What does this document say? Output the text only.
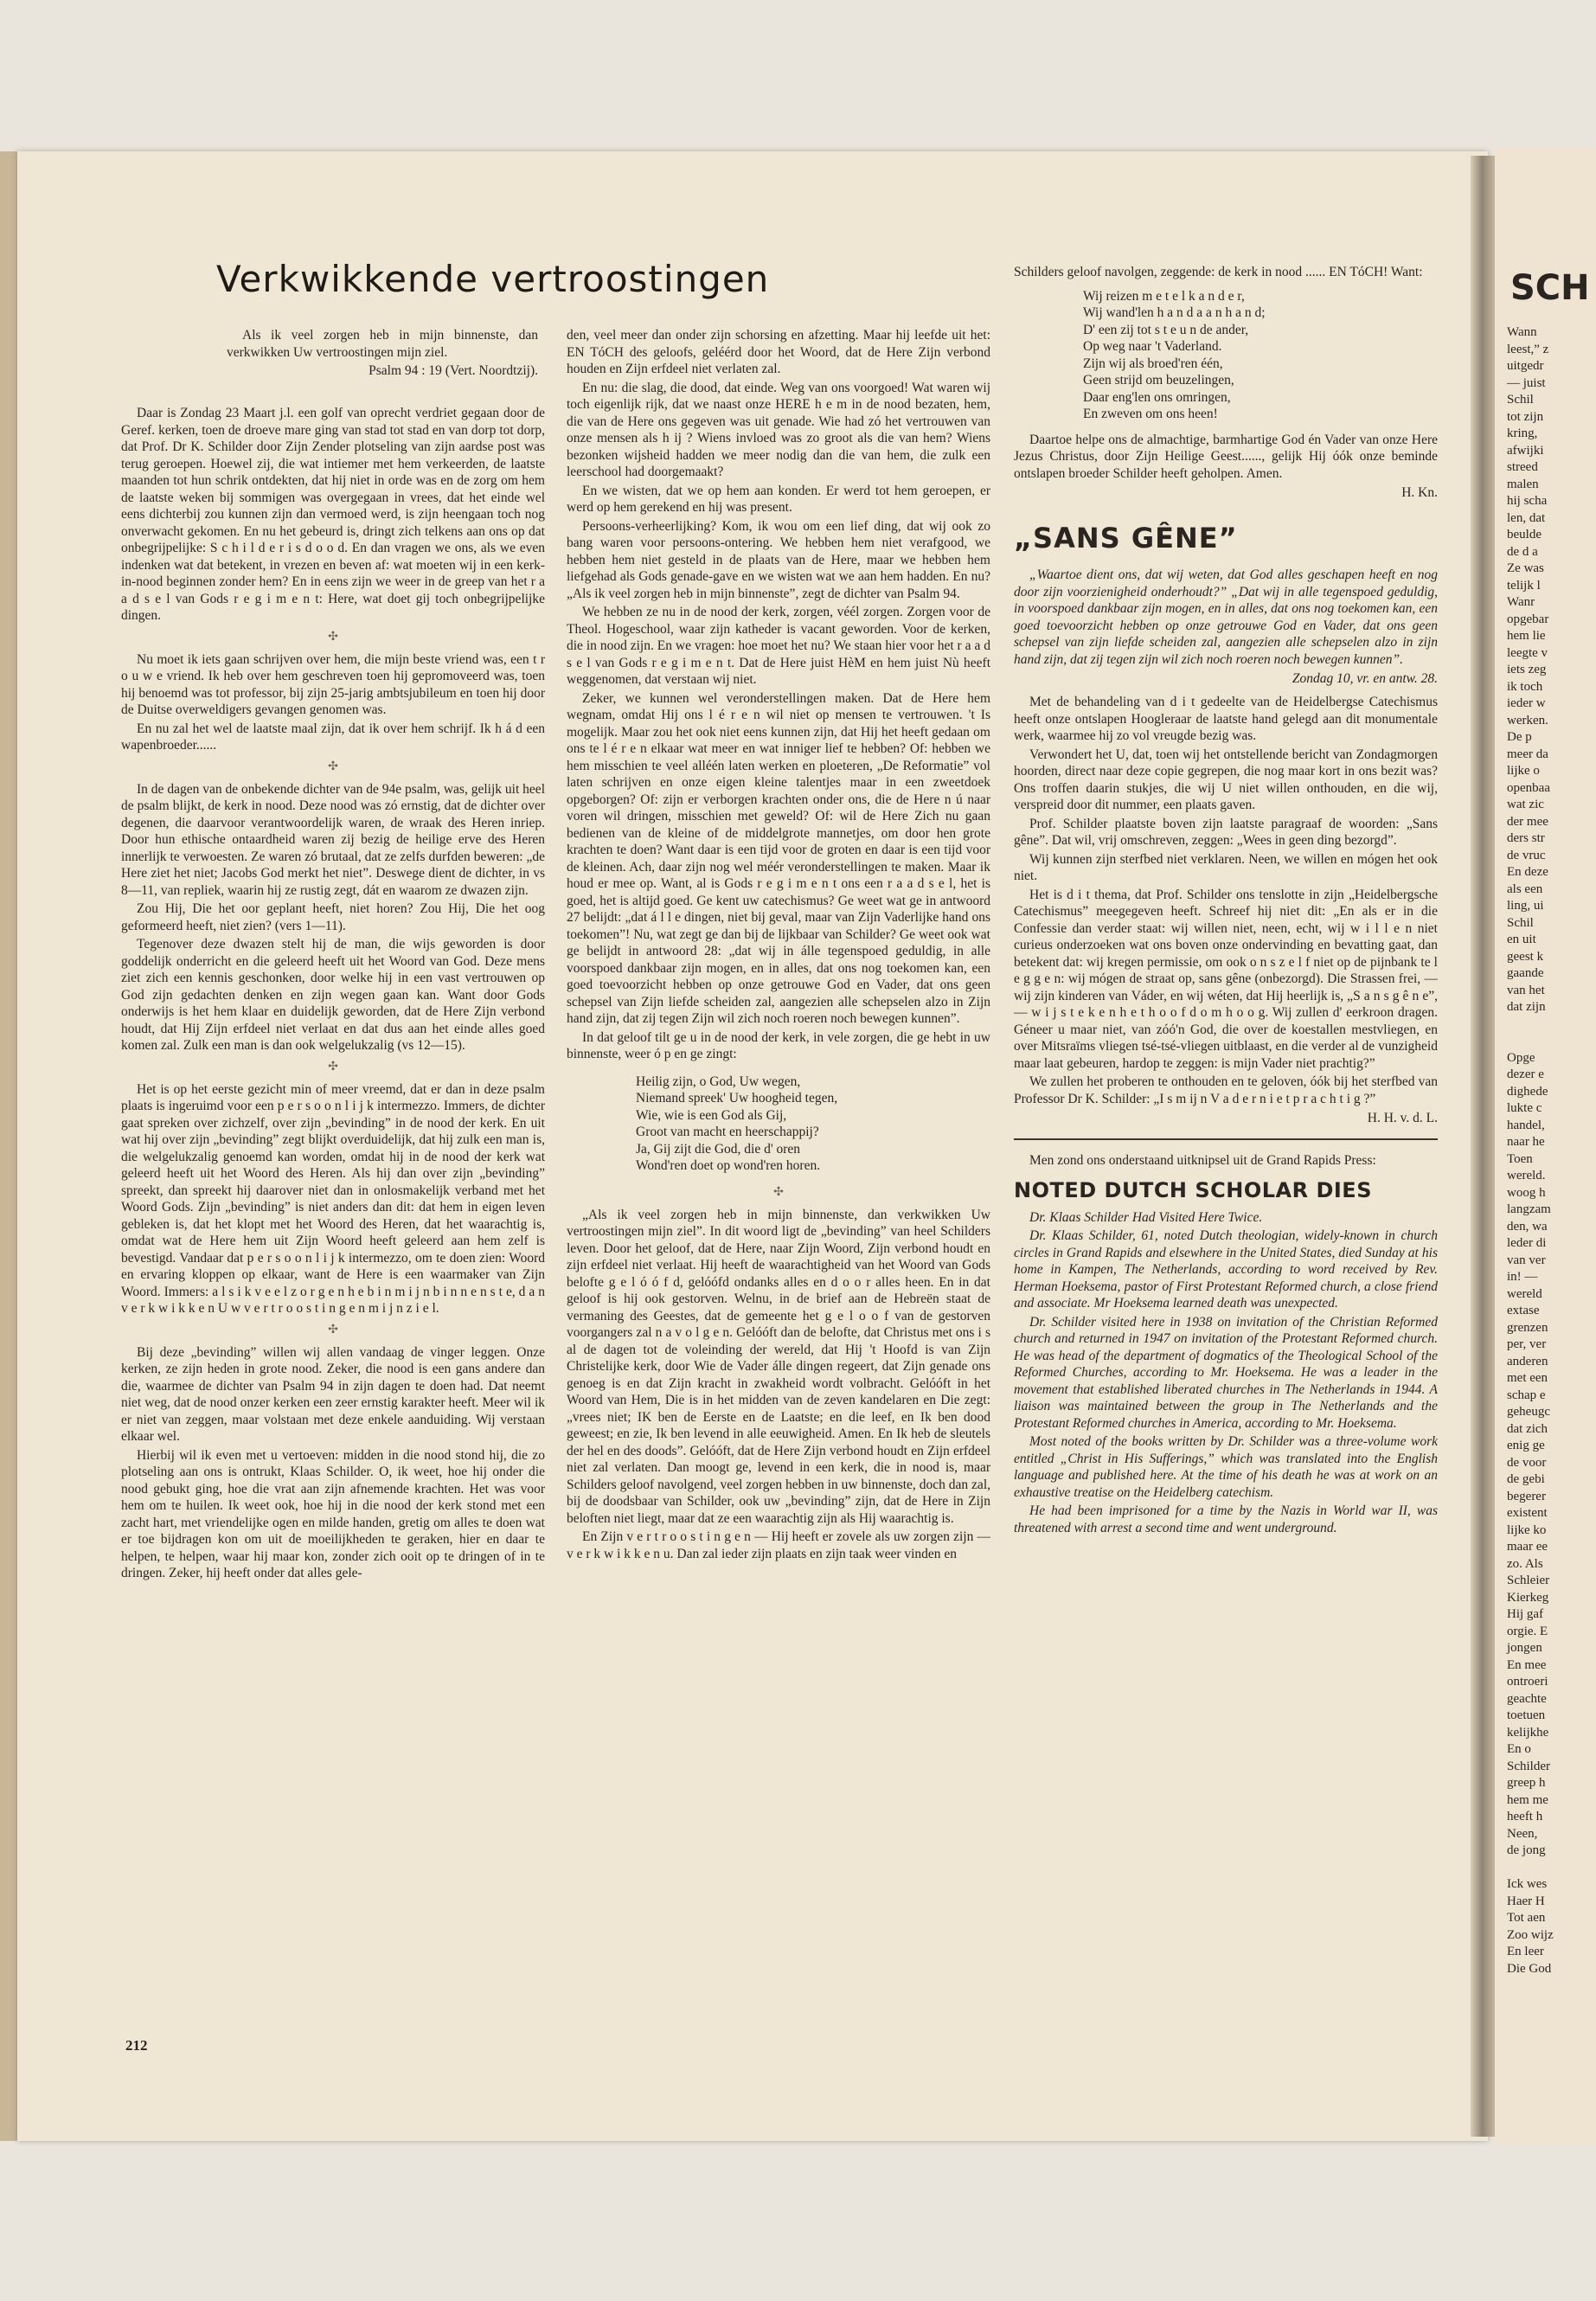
Verkwikkende vertroostingen
Als ik veel zorgen heb in mijn binnenste, dan verkwikken Uw vertroostingen mijn ziel.
Psalm 94 : 19 (Vert. Noordtzij).
Daar is Zondag 23 Maart j.l. een golf van oprecht verdriet gegaan door de Geref. kerken, toen de droeve mare ging van stad tot stad en van dorp tot dorp, dat Prof. Dr K. Schilder door Zijn Zender plotseling van zijn aardse post was terug geroepen. Hoewel zij, die wat intiemer met hem verkeerden, de laatste maanden tot hun schrik ontdekten, dat hij niet in orde was en de zorg om hem de laatste weken bij sommigen was overgegaan in vrees, dat het einde wel eens dichterbij zou kunnen zijn dan vermoed werd, is zijn heengaan toch nog onverwacht gekomen. En nu het gebeurd is, dringt zich telkens aan ons op dat onbegrijpelijke: S c h i l d e r i s d o o d. En dan vragen we ons, als we even indenken wat dat betekent, in vrezen en beven af: wat moeten wij in een kerk-in-nood beginnen zonder hem? En in eens zijn we weer in de greep van het r a a d s e l van Gods r e g i m e n t: Here, wat doet gij toch onbegrijpelijke dingen.
✣
Nu moet ik iets gaan schrijven over hem, die mijn beste vriend was, een t r o u w e vriend. Ik heb over hem geschreven toen hij gepromoveerd was, toen hij benoemd was tot professor, bij zijn 25-jarig ambtsjubileum en toen hij door de Duitse overweldigers gevangen genomen was.
En nu zal het wel de laatste maal zijn, dat ik over hem schrijf. Ik h á d een wapenbroeder......
✣
In de dagen van de onbekende dichter van de 94e psalm, was, gelijk uit heel de psalm blijkt, de kerk in nood. Deze nood was zó ernstig, dat de dichter over degenen, die daarvoor verantwoordelijk waren, de wraak des Heren inriep. Door hun ethische ontaardheid waren zij bezig de heilige erve des Heren innerlijk te verwoesten. Ze waren zó brutaal, dat ze zelfs durfden beweren: „de Here ziet het niet; Jacobs God merkt het niet”. Deswege dient de dichter, in vs 8—11, van repliek, waarin hij ze rustig zegt, dát en waarom ze dwazen zijn.
Zou Hij, Die het oor geplant heeft, niet horen? Zou Hij, Die het oog geformeerd heeft, niet zien? (vers 1—11).
Tegenover deze dwazen stelt hij de man, die wijs geworden is door goddelijk onderricht en die geleerd heeft uit het Woord van God. Deze mens ziet zich een kennis geschonken, door welke hij in een vast vertrouwen op God zijn gedachten denken en zijn wegen gaan kan. Want door Gods onderwijs is het hem klaar en duidelijk geworden, dat de Here Zijn verbond houdt, dat Hij Zijn erfdeel niet verlaat en dat dus aan het einde alles goed komen zal. Zulk een man is dan ook welgelukzalig (vs 12—15).
✣
Het is op het eerste gezicht min of meer vreemd, dat er dan in deze psalm plaats is ingeruimd voor een p e r s o o n l i j k intermezzo. Immers, de dichter gaat spreken over zichzelf, over zijn „bevinding” in de nood der kerk. En uit wat hij over zijn „bevinding” zegt blijkt overduidelijk, dat hij zulk een man is, die welgelukzalig genoemd kan worden, omdat hij in de nood der kerk wat geleerd heeft uit het Woord des Heren. Als hij dan over zijn „bevinding” spreekt, dan spreekt hij daarover niet dan in onlosmakelijk verband met het Woord Gods. Zijn „bevinding” is niet anders dan dit: dat hem in eigen leven gebleken is, dat het klopt met het Woord des Heren, dat het waarachtig is, omdat wat de Here hem uit Zijn Woord heeft geleerd aan hem zelf is bevestigd. Vandaar dat p e r s o o n l i j k intermezzo, om te doen zien: Woord en ervaring kloppen op elkaar, want de Here is een waarmaker van Zijn Woord. Immers: a l s i k v e e l z o r g e n h e b i n m i j n b i n n e n s t e, d a n v e r k w i k k e n U w v e r t r o o s t i n g e n m i j n z i e l.
✣
Bij deze „bevinding” willen wij allen vandaag de vinger leggen. Onze kerken, ze zijn heden in grote nood. Zeker, die nood is een gans andere dan die, waarmee de dichter van Psalm 94 in zijn dagen te doen had. Dat neemt niet weg, dat de nood onzer kerken een zeer ernstig karakter heeft. Meer wil ik er niet van zeggen, maar volstaan met deze enkele aanduiding. Wij verstaan elkaar wel.
Hierbij wil ik even met u vertoeven: midden in die nood stond hij, die zo plotseling aan ons is ontrukt, Klaas Schilder. O, ik weet, hoe hij onder die nood gebukt ging, hoe die vrat aan zijn afnemende krachten. Het was voor hem om te huilen. Ik weet ook, hoe hij in die nood der kerk stond met een zacht hart, met vriendelijke ogen en milde handen, gretig om alles te doen wat er toe bijdragen kon om uit de moeilijkheden te geraken, hier en daar te helpen, te helpen, waar hij maar kon, zonder zich ooit op te dringen of in te dringen. Zeker, hij heeft onder dat alles gele-
den, veel meer dan onder zijn schorsing en afzetting. Maar hij leefde uit het: EN TóCH des geloofs, geléérd door het Woord, dat de Here Zijn verbond houden en Zijn erfdeel niet verlaten zal.
En nu: die slag, die dood, dat einde. Weg van ons voorgoed! Wat waren wij toch eigenlijk rijk, dat we naast onze HERE h e m in de nood bezaten, hem, die van de Here ons gegeven was uit genade. Wie had zó het vertrouwen van onze mensen als h ij ? Wiens invloed was zo groot als die van hem? Wiens bezonken wijsheid hadden we meer nodig dan die van hem, die zulk een leerschool had doorgemaakt?
En we wisten, dat we op hem aan konden. Er werd tot hem geroepen, er werd op hem gerekend en hij was present.
Persoons-verheerlijking? Kom, ik wou om een ​​lief ding, dat wij ook zo bang waren voor persoons-ontering. We hebben hem niet verafgood, we hebben hem niet gesteld in de plaats van de Here, maar we hebben hem liefgehad als Gods genade-gave en we wisten wat we aan hem hadden. En nu? „Als ik veel zorgen heb in mijn binnenste”, zegt de dichter van Psalm 94.
We hebben ze nu in de nood der kerk, zorgen, véél zorgen. Zorgen voor de Theol. Hogeschool, waar zijn katheder is vacant geworden. Voor de kerken, die in nood zijn. En we vragen: hoe moet het nu? We staan hier voor het r a a d s e l van Gods r e g i m e n t. Dat de Here juist HèM en hem juist Nù heeft weggenomen, dat verstaan wij niet.
Zeker, we kunnen wel veronderstellingen maken. Dat de Here hem wegnam, omdat Hij ons l é r e n wil niet op mensen te vertrouwen. 't Is mogelijk. Maar zou het ook niet eens kunnen zijn, dat Hij het heeft gedaan om ons te l é r e n elkaar wat meer en wat inniger lief te hebben? Of: hebben we hem misschien te veel alléén laten werken en ploeteren, „De Reformatie” vol laten schrijven en onze eigen kleine talentjes maar in een zweetdoek opgeborgen? Of: zijn er verborgen krachten onder ons, die de Here n ú naar voren wil dringen, misschien met geweld? Of: wil de Here Zich nu gaan bedienen van de kleine of de middelgrote mannetjes, om door hen grote krachten te doen? Want daar is een tijd voor de groten en daar is een tijd voor de kleinen. Ach, daar zijn nog wel méér veronderstellingen te maken. Maar ik houd er mee op. Want, al is Gods r e g i m e n t ons een r a a d s e l, het is goed, het is altijd goed. Ge kent uw catechismus? Ge weet wat ge in antwoord 27 belijdt: „dat á l l e dingen, niet bij geval, maar van Zijn Vaderlijke hand ons toekomen”! Nu, wat zegt ge dan bij de lijkbaar van Schilder? Ge weet ook wat ge belijdt in antwoord 28: „dat wij in álle tegenspoed geduldig, in alle voorspoed dankbaar zijn mogen, en in alles, dat ons nog toekomen kan, een goed toevoorzicht hebben op onze getrouwe God en Vader, dat ons geen schepsel van Zijn liefde scheiden zal, aangezien alle schepselen alzo in Zijn hand zijn, dat zij tegen Zijn wil zich noch roeren noch bewegen kunnen”.
In dat geloof tilt ge u in de nood der kerk, in vele zorgen, die ge hebt in uw binnenste, weer ó p en ge zingt:
Heilig zijn, o God, Uw wegen,
Niemand spreek' Uw hoogheid tegen,
Wie, wie is een God als Gij,
Groot van macht en heerschappij?
Ja, Gij zijt die God, die d' oren
Wond'ren doet op wond'ren horen.
✣
„Als ik veel zorgen heb in mijn binnenste, dan verkwikken Uw vertroostingen mijn ziel”. In dit woord ligt de „bevinding” van heel Schilders leven. Door het geloof, dat de Here, naar Zijn Woord, Zijn verbond houdt en zijn erfdeel niet verlaat. Hij heeft de waarachtigheid van het Woord van Gods belofte g e l ó ó f d, gelóófd ondanks alles en d o o r alles heen. En in dat geloof is hij ook gestorven. Welnu, in de brief aan de Hebreën staat de vermaning des Geestes, dat de gemeente het g e l o o f van de gestorven voorgangers zal n a v o l g e n. Gelóóft dan de belofte, dat Christus met ons i s al de dagen tot de voleinding der wereld, dat Hij 't Hoofd is van Zijn Christelijke kerk, door Wie de Vader álle dingen regeert, dat Zijn genade ons genoeg is en dat Zijn kracht in zwakheid wordt volbracht. Gelóóft in het Woord van Hem, Die is in het midden van de zeven kandelaren en Die zegt: „vrees niet; IK ben de Eerste en de Laatste; en die leef, en Ik ben dood geweest; en zie, Ik ben levend in alle eeuwigheid. Amen. En Ik heb de sleutels der hel en des doods”. Gelóóft, dat de Here Zijn verbond houdt en Zijn erfdeel niet zal verlaten. Dan moogt ge, levend in een kerk, die in nood is, maar Schilders geloof navolgend, veel zorgen hebben in uw binnenste, doch dan zal, bij de doodsbaar van Schilder, ook uw „bevinding” zijn, dat de Here in Zijn beloften niet liegt, maar dat ze een waarachtig zijn als Hij waarachtig is.
En Zijn v e r t r o o s t i n g e n — Hij heeft er zovele als uw zorgen zijn — v e r k w i k k e n u. Dan zal ieder zijn plaats en zijn taak weer vinden en
Schilders geloof navolgen, zeggende: de kerk in nood ...... EN TóCH! Want:
Wij reizen m e t e l k a n d e r,
Wij wand'len h a n d a a n h a n d;
D' een zij tot s t e u n de ander,
Op weg naar 't Vaderland.
Zijn wij als broed'ren één,
Geen strijd om beuzelingen,
Daar eng'len ons omringen,
En zweven om ons heen!
Daartoe helpe ons de almachtige, barmhartige God én Vader van onze Here Jezus Christus, door Zijn Heilige Geest......, gelijk Hij óók onze beminde ontslapen broeder Schilder heeft geholpen. Amen.
H. Kn.
„SANS GÊNE”
„Waartoe dient ons, dat wij weten, dat God alles geschapen heeft en nog door zijn voorzienigheid onderhoudt?” „Dat wij in alle tegenspoed geduldig, in voorspoed dankbaar zijn mogen, en in alles, dat ons nog toekomen kan, een goed toevoorzicht hebben op onze getrouwe God en Vader, dat ons geen schepsel van zijn liefde scheiden zal, aangezien alle schepselen alzo in zijn hand zijn, dat zij tegen zijn wil zich noch roeren noch bewegen kunnen”.
Zondag 10, vr. en antw. 28.
Met de behandeling van d i t gedeelte van de Heidelbergse Catechismus heeft onze ontslapen Hoogleraar de laatste hand gelegd aan dit monumentale werk, waarmee hij zo vol vreugde bezig was.
Verwondert het U, dat, toen wij het ontstellende bericht van Zondagmorgen hoorden, direct naar deze copie gegrepen, die nog maar kort in ons bezit was? Ons troffen daarin stukjes, die wij U niet willen onthouden, en die wij, verspreid door dit nummer, een plaats gaven.
Prof. Schilder plaatste boven zijn laatste paragraaf de woorden: „Sans gêne”. Dat wil, vrij omschreven, zeggen: „Wees in geen ding bezorgd”.
Wij kunnen zijn sterfbed niet verklaren. Neen, we willen en mógen het ook niet.
Het is d i t thema, dat Prof. Schilder ons tenslotte in zijn „Heidelbergsche Catechismus” meegegeven heeft. Schreef hij niet dit: „En als er in die Confessie dan verder staat: wij willen niet, neen, echt, wij w i l l e n niet curieus onderzoeken wat ons boven onze ondervinding en bevatting gaat, dan betekent dat: wij kregen permissie, om ook o n s z e l f niet op de pijnbank te l e g g e n: wij mógen de straat op, sans gêne (onbezorgd). Die Strassen frei, — wij zijn kinderen van Váder, en wij wéten, dat Hij heerlijk is, „S a n s g ê n e”, — w i j s t e k e n h e t h o o f d o m h o o g. Wij zullen d' eerkroon dragen. Géneer u maar niet, van zóó'n God, die over de koestallen mestvliegen, en over Mitsraïms vliegen tsé-tsé-vliegen uitblaast, en die verder al de vunzigheid maar laat gebeuren, hardop te zeggen: is mijn Vader niet prachtig?”
We zullen het proberen te onthouden en te geloven, óók bij het sterfbed van Professor Dr K. Schilder: „I s m ij n V a d e r n i e t p r a c h t i g ?”
H. H. v. d. L.
Men zond ons onderstaand uitknipsel uit de Grand Rapids Press:
NOTED DUTCH SCHOLAR DIES
Dr. Klaas Schilder Had Visited Here Twice.
Dr. Klaas Schilder, 61, noted Dutch theologian, widely-known in church circles in Grand Rapids and elsewhere in the United States, died Sunday at his home in Kampen, The Netherlands, according to word received by Rev. Herman Hoeksema, pastor of First Protestant Reformed church, a close friend and associate. Mr Hoeksema learned death was unexpected.
Dr. Schilder visited here in 1938 on invitation of the Christian Reformed church and returned in 1947 on invitation of the Protestant Reformed church. He was head of the department of dogmatics of the Theological School of the Reformed Churches, according to Mr. Hoeksema. He was a leader in the movement that established liberated churches in The Netherlands in 1944. A liaison was maintained between the group in The Netherlands and the Protestant Reformed churches in America, according to Mr. Hoeksema.
Most noted of the books written by Dr. Schilder was a three-volume work entitled „Christ in His Sufferings,” which was translated into the English language and published here. At the time of his death he was at work on an exhaustive treatise on the Heidelberg catechism.
He had been imprisoned for a time by the Nazis in World war II, was threatened with arrest a second time and went underground.
212
SCH
Wann
leest,” z
uitgedr
— juist
Schil
tot zijn
kring,
afwijki
streed
malen
hij scha
len, dat
beulde
de d a
Ze was
telijk l
Wanr
opgebar
hem lie
leegte v
iets zeg
ik toch
ieder w
werken.
De p
meer da
lijke o
openbaa
wat zic
der mee
ders str
de vruc
En deze
als een
ling, ui
Schil
en uit
geest k
gaande
van het
dat zijn
Opge
dezer e
dighede
lukte c
handel,
naar he
Toen
wereld.
woog h
langzam
den, wa
leder di
van ver
in! —
wereld
extase
grenzen
per, ver
anderen
met een
schap e
geheugc
dat zich
enig ge
de voor
de gebi
begerer
existent
lijke ko
maar ee
zo. Als
Schleier
Kierkeg
Hij gaf
orgie. E
jongen
En mee
ontroeri
geachte
toetuen
kelijkhe
En o
Schilder
greep h
hem me
heeft h
Neen,
de jong
Ick wes
Haer H
Tot aen
Zoo wijz
En leer
Die God
